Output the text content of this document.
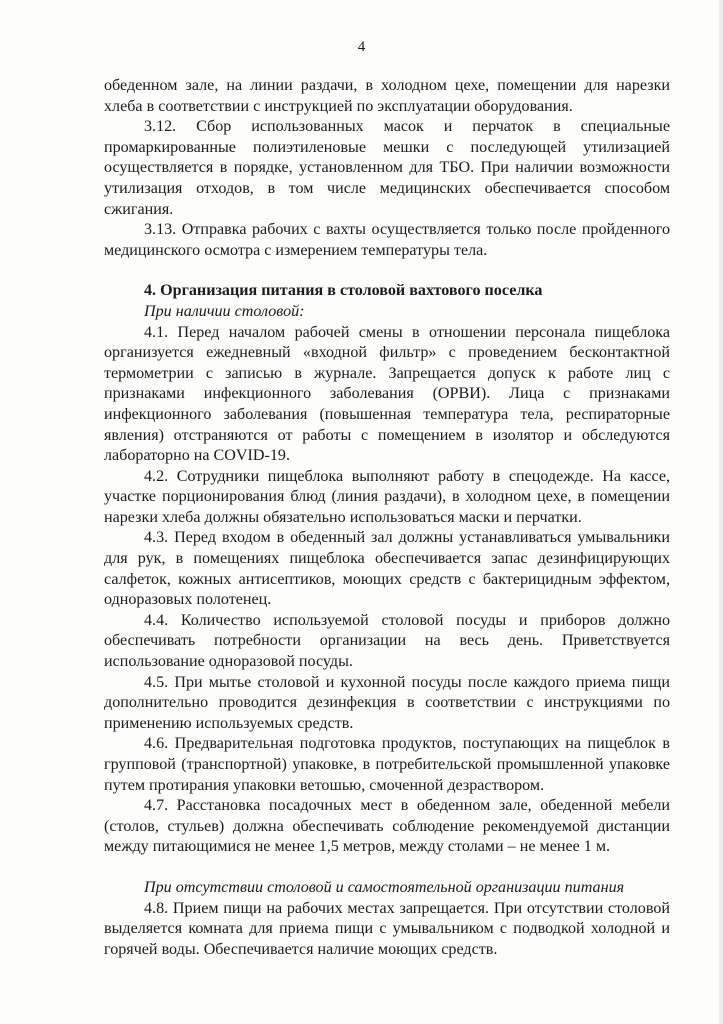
4

обеденном зале, на линии раздачи, в холодном цехе, помещении для нарезки хлеба в соответствии с инструкцией по эксплуатации оборудования.

3.12. Сбор использованных масок и перчаток в специальные промаркированные полиэтиленовые мешки с последующей утилизацией осуществляется в порядке, установленном для ТБО. При наличии возможности утилизация отходов, в том числе медицинских обеспечивается способом сжигания.

3.13. Отправка рабочих с вахты осуществляется только после пройденного медицинского осмотра с измерением температуры тела.

4. Организация питания в столовой вахтового поселка

При наличии столовой:

4.1. Перед началом рабочей смены в отношении персонала пищеблока организуется ежедневный «входной фильтр» с проведением бесконтактной термометрии с записью в журнале. Запрещается допуск к работе лиц с признаками инфекционного заболевания (ОРВИ). Лица с признаками инфекционного заболевания (повышенная температура тела, респираторные явления) отстраняются от работы с помещением в изолятор и обследуются лабораторно на COVID-19.

4.2. Сотрудники пищеблока выполняют работу в спецодежде. На кассе, участке порционирования блюд (линия раздачи), в холодном цехе, в помещении нарезки хлеба должны обязательно использоваться маски и перчатки.

4.3. Перед входом в обеденный зал должны устанавливаться умывальники для рук, в помещениях пищеблока обеспечивается запас дезинфицирующих салфеток, кожных антисептиков, моющих средств с бактерицидным эффектом, одноразовых полотенец.

4.4. Количество используемой столовой посуды и приборов должно обеспечивать потребности организации на весь день. Приветствуется использование одноразовой посуды.

4.5. При мытье столовой и кухонной посуды после каждого приема пищи дополнительно проводится дезинфекция в соответствии с инструкциями по применению используемых средств.

4.6. Предварительная подготовка продуктов, поступающих на пищеблок в групповой (транспортной) упаковке, в потребительской промышленной упаковке путем протирания упаковки ветошью, смоченной дезраствором.

4.7. Расстановка посадочных мест в обеденном зале, обеденной мебели (столов, стульев) должна обеспечивать соблюдение рекомендуемой дистанции между питающимися не менее 1,5 метров, между столами – не менее 1 м.

При отсутствии столовой и самостоятельной организации питания

4.8. Прием пищи на рабочих местах запрещается. При отсутствии столовой выделяется комната для приема пищи с умывальником с подводкой холодной и горячей воды. Обеспечивается наличие моющих средств.
